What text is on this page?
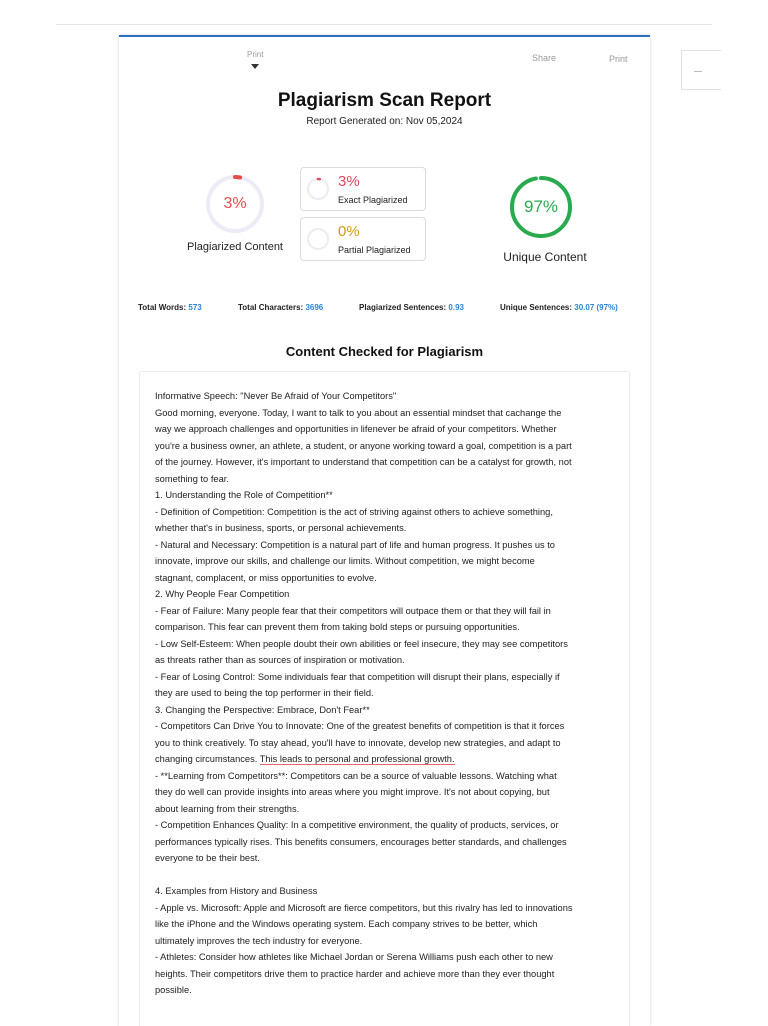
Print	Share	Print
Plagiarism Scan Report
Report Generated on: Nov 05,2024
3%
Plagiarized Content
3%
Exact Plagiarized
0%
Partial Plagiarized
97%
Unique Content
Total Words: 573	Total Characters: 3696	Plagiarized Sentences: 0.93	Unique Sentences: 30.07 (97%)
Content Checked for Plagiarism
Informative Speech: "Never Be Afraid of Your Competitors"
Good morning, everyone. Today, I want to talk to you about an essential mindset that cachange the
way we approach challenges and opportunities in lifenever be afraid of your competitors. Whether
you're a business owner, an athlete, a student, or anyone working toward a goal, competition is a part
of the journey. However, it's important to understand that competition can be a catalyst for growth, not
something to fear.
1. Understanding the Role of Competition**
- Definition of Competition: Competition is the act of striving against others to achieve something,
whether that's in business, sports, or personal achievements.
- Natural and Necessary: Competition is a natural part of life and human progress. It pushes us to
innovate, improve our skills, and challenge our limits. Without competition, we might become
stagnant, complacent, or miss opportunities to evolve.
2. Why People Fear Competition
- Fear of Failure: Many people fear that their competitors will outpace them or that they will fail in
comparison. This fear can prevent them from taking bold steps or pursuing opportunities.
- Low Self-Esteem: When people doubt their own abilities or feel insecure, they may see competitors
as threats rather than as sources of inspiration or motivation.
- Fear of Losing Control: Some individuals fear that competition will disrupt their plans, especially if
they are used to being the top performer in their field.
3. Changing the Perspective: Embrace, Don't Fear**
- Competitors Can Drive You to Innovate: One of the greatest benefits of competition is that it forces
you to think creatively. To stay ahead, you'll have to innovate, develop new strategies, and adapt to
changing circumstances. This leads to personal and professional growth.
- **Learning from Competitors**: Competitors can be a source of valuable lessons. Watching what
they do well can provide insights into areas where you might improve. It's not about copying, but
about learning from their strengths.
- Competition Enhances Quality: In a competitive environment, the quality of products, services, or
performances typically rises. This benefits consumers, encourages better standards, and challenges
everyone to be their best.
4. Examples from History and Business
- Apple vs. Microsoft: Apple and Microsoft are fierce competitors, but this rivalry has led to innovations
like the iPhone and the Windows operating system. Each company strives to be better, which
ultimately improves the tech industry for everyone.
- Athletes: Consider how athletes like Michael Jordan or Serena Williams push each other to new
heights. Their competitors drive them to practice harder and achieve more than they ever thought
possible.
